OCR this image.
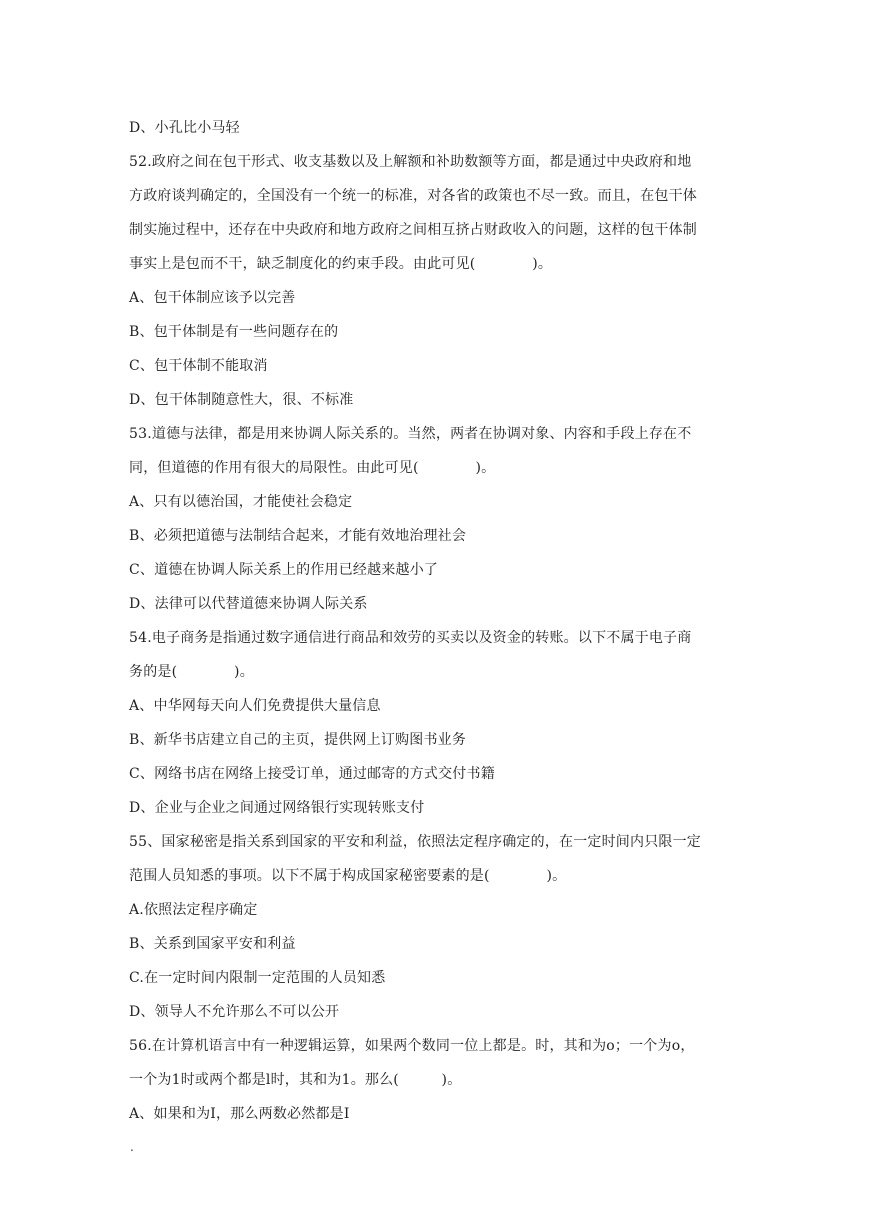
D、小孔比小马轻
52.政府之间在包干形式、收支基数以及上解额和补助数额等方面，都是通过中央政府和地
方政府谈判确定的，全国没有一个统一的标准，对各省的政策也不尽一致。而且，在包干体
制实施过程中，还存在中央政府和地方政府之间相互挤占财政收入的问题，这样的包干体制
事实上是包而不干，缺乏制度化的约束手段。由此可见(　　　　)。
A、包干体制应该予以完善
B、包干体制是有一些问题存在的
C、包干体制不能取消
D、包干体制随意性大，很、不标准
53.道德与法律，都是用来协调人际关系的。当然，两者在协调对象、内容和手段上存在不
同，但道德的作用有很大的局限性。由此可见(　　　　)。
A、只有以德治国，才能使社会稳定
B、必须把道德与法制结合起来，才能有效地治理社会
C、道德在协调人际关系上的作用已经越来越小了
D、法律可以代替道德来协调人际关系
54.电子商务是指通过数字通信进行商品和效劳的买卖以及资金的转账。以下不属于电子商
务的是(　　　　)。
A、中华网每天向人们免费提供大量信息
B、新华书店建立自己的主页，提供网上订购图书业务
C、网络书店在网络上接受订单，通过邮寄的方式交付书籍
D、企业与企业之间通过网络银行实现转账支付
55、国家秘密是指关系到国家的平安和利益，依照法定程序确定的，在一定时间内只限一定
范围人员知悉的事项。以下不属于构成国家秘密要素的是(　　　　)。
A.依照法定程序确定
B、关系到国家平安和利益
C.在一定时间内限制一定范围的人员知悉
D、领导人不允许那么不可以公开
56.在计算机语言中有一种逻辑运算，如果两个数同一位上都是。时，其和为o；一个为o，
一个为1时或两个都是l时，其和为1。那么(　　　)。
A、如果和为I，那么两数必然都是I
.
